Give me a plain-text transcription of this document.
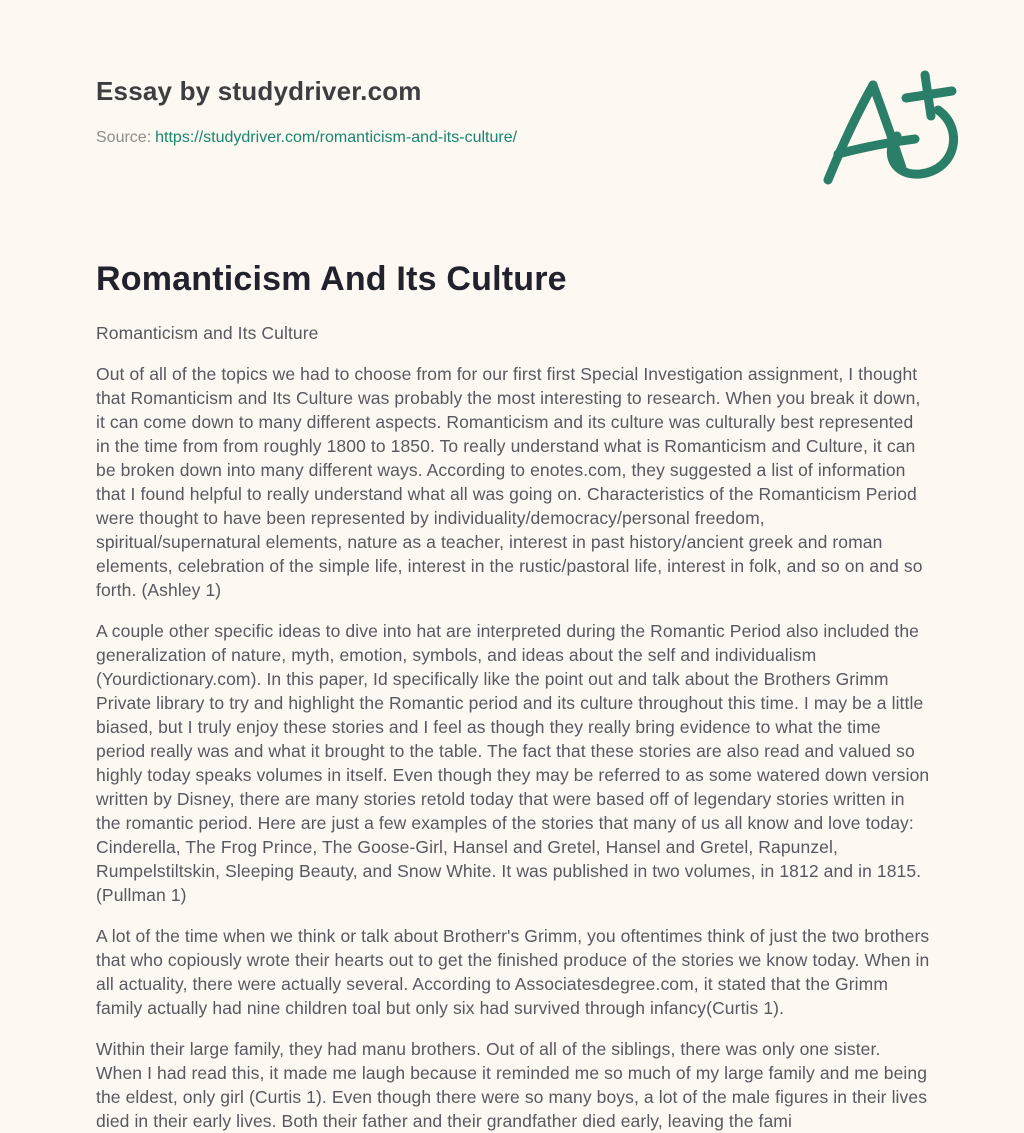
Essay by studydriver.com

Source: https://studydriver.com/romanticism-and-its-culture/

Romanticism And Its Culture

Romanticism and Its Culture

Out of all of the topics we had to choose from for our first first Special Investigation assignment, I thought that Romanticism and Its Culture was probably the most interesting to research. When you break it down, it can come down to many different aspects. Romanticism and its culture was culturally best represented in the time from from roughly 1800 to 1850. To really understand what is Romanticism and Culture, it can be broken down into many different ways. According to enotes.com, they suggested a list of information that I found helpful to really understand what all was going on. Characteristics of the Romanticism Period were thought to have been represented by individuality/democracy/personal freedom, spiritual/supernatural elements, nature as a teacher, interest in past history/ancient greek and roman elements, celebration of the simple life, interest in the rustic/pastoral life, interest in folk, and so on and so forth. (Ashley 1)

A couple other specific ideas to dive into hat are interpreted during the Romantic Period also included the generalization of nature, myth, emotion, symbols, and ideas about the self and individualism (Yourdictionary.com). In this paper, Id specifically like the point out and talk about the Brothers Grimm Private library to try and highlight the Romantic period and its culture throughout this time. I may be a little biased, but I truly enjoy these stories and I feel as though they really bring evidence to what the time period really was and what it brought to the table. The fact that these stories are also read and valued so highly today speaks volumes in itself. Even though they may be referred to as some watered down version written by Disney, there are many stories retold today that were based off of legendary stories written in the romantic period. Here are just a few examples of the stories that many of us all know and love today: Cinderella, The Frog Prince, The Goose-Girl, Hansel and Gretel, Hansel and Gretel, Rapunzel, Rumpelstiltskin, Sleeping Beauty, and Snow White. It was published in two volumes, in 1812 and in 1815. (Pullman 1)

A lot of the time when we think or talk about Brotherr's Grimm, you oftentimes think of just the two brothers that who copiously wrote their hearts out to get the finished produce of the stories we know today. When in all actuality, there were actually several. According to Associatesdegree.com, it stated that the Grimm family actually had nine children toal but only six had survived through infancy(Curtis 1).

Within their large family, they had manu brothers. Out of all of the siblings, there was only one sister. When I had read this, it made me laugh because it reminded me so much of my large family and me being the eldest, only girl (Curtis 1). Even though there were so many boys, a lot of the male figures in their lives died in their early lives. Both their father and their grandfather died early, leaving the fami
